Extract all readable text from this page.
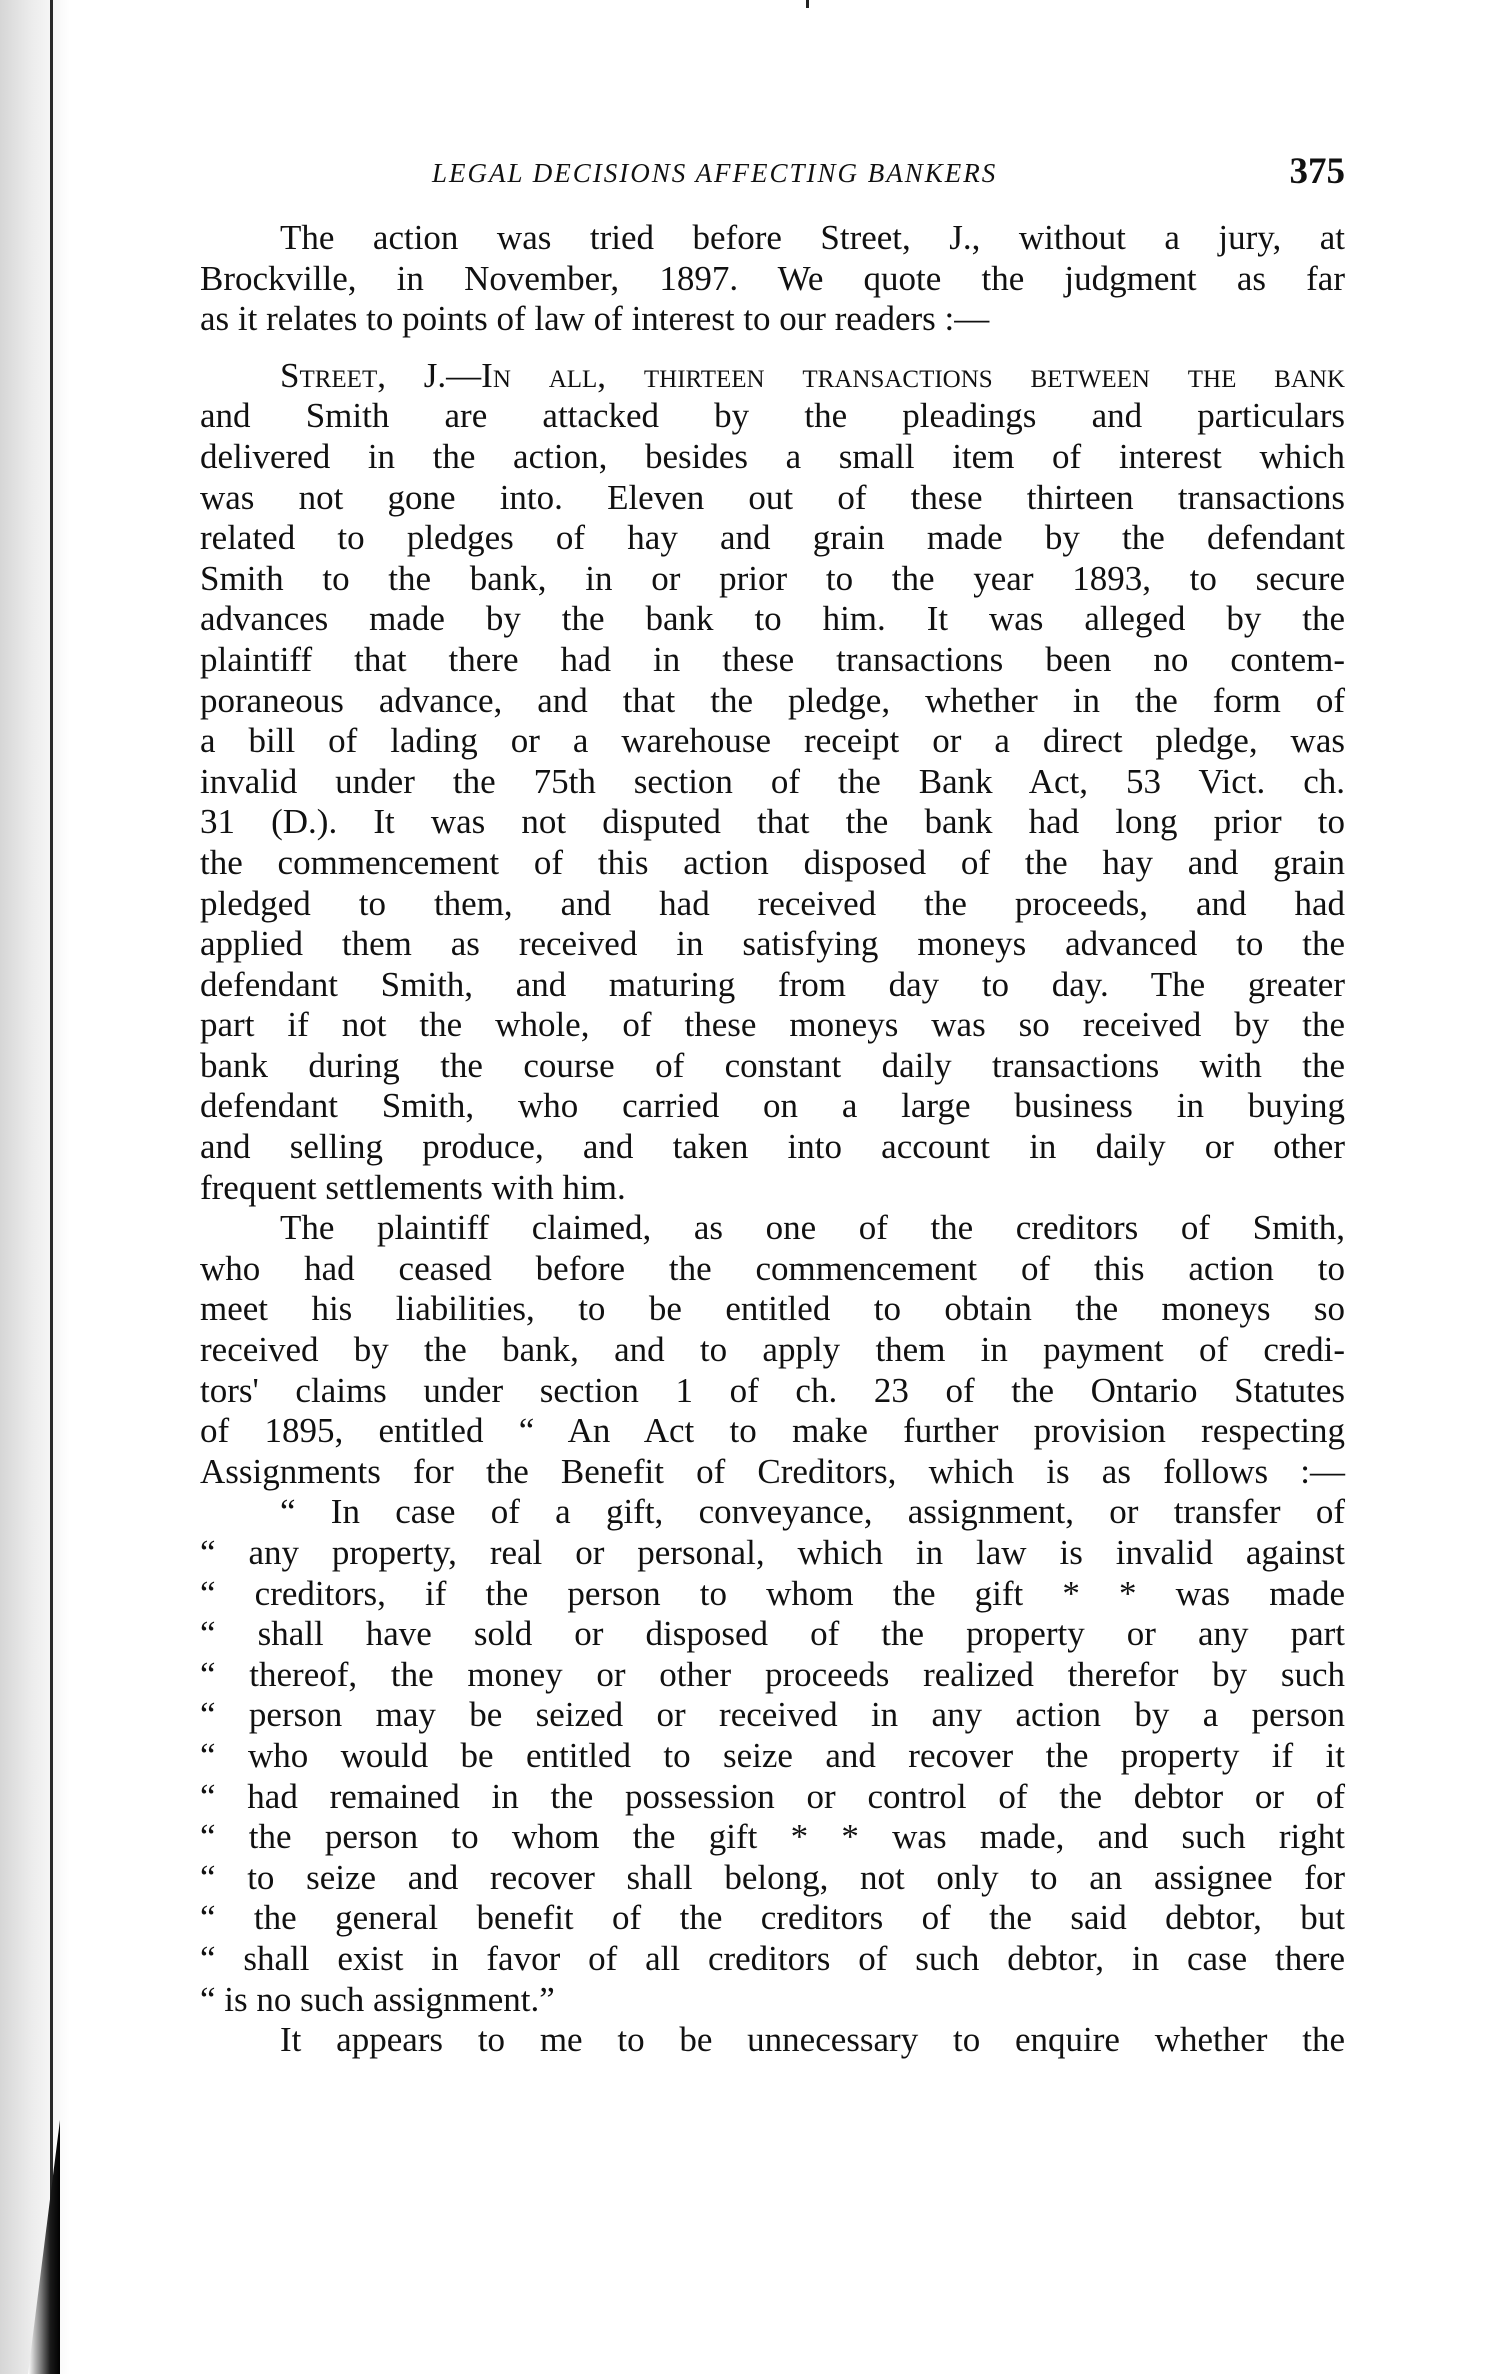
LEGAL DECISIONS AFFECTING BANKERS	375
The action was tried before Street, J., without a jury, at
Brockville, in November, 1897. We quote the judgment as far
as it relates to points of law of interest to our readers :—
Street, J.—In all, thirteen transactions between the bank
and Smith are attacked by the pleadings and particulars
delivered in the action, besides a small item of interest which
was not gone into. Eleven out of these thirteen transactions
related to pledges of hay and grain made by the defendant
Smith to the bank, in or prior to the year 1893, to secure
advances made by the bank to him. It was alleged by the
plaintiff that there had in these transactions been no contem-
poraneous advance, and that the pledge, whether in the form of
a bill of lading or a warehouse receipt or a direct pledge, was
invalid under the 75th section of the Bank Act, 53 Vict. ch.
31 (D.). It was not disputed that the bank had long prior to
the commencement of this action disposed of the hay and grain
pledged to them, and had received the proceeds, and had
applied them as received in satisfying moneys advanced to the
defendant Smith, and maturing from day to day. The greater
part if not the whole, of these moneys was so received by the
bank during the course of constant daily transactions with the
defendant Smith, who carried on a large business in buying
and selling produce, and taken into account in daily or other
frequent settlements with him.
The plaintiff claimed, as one of the creditors of Smith,
who had ceased before the commencement of this action to
meet his liabilities, to be entitled to obtain the moneys so
received by the bank, and to apply them in payment of credi-
tors' claims under section 1 of ch. 23 of the Ontario Statutes
of 1895, entitled “ An Act to make further provision respecting
Assignments for the Benefit of Creditors, which is as follows :—
“ In case of a gift, conveyance, assignment, or transfer of
“ any property, real or personal, which in law is invalid against
“ creditors, if the person to whom the gift * * was made
“ shall have sold or disposed of the property or any part
“ thereof, the money or other proceeds realized therefor by such
“ person may be seized or received in any action by a person
“ who would be entitled to seize and recover the property if it
“ had remained in the possession or control of the debtor or of
“ the person to whom the gift * * was made, and such right
“ to seize and recover shall belong, not only to an assignee for
“ the general benefit of the creditors of the said debtor, but
“ shall exist in favor of all creditors of such debtor, in case there
“ is no such assignment.”
It appears to me to be unnecessary to enquire whether the
